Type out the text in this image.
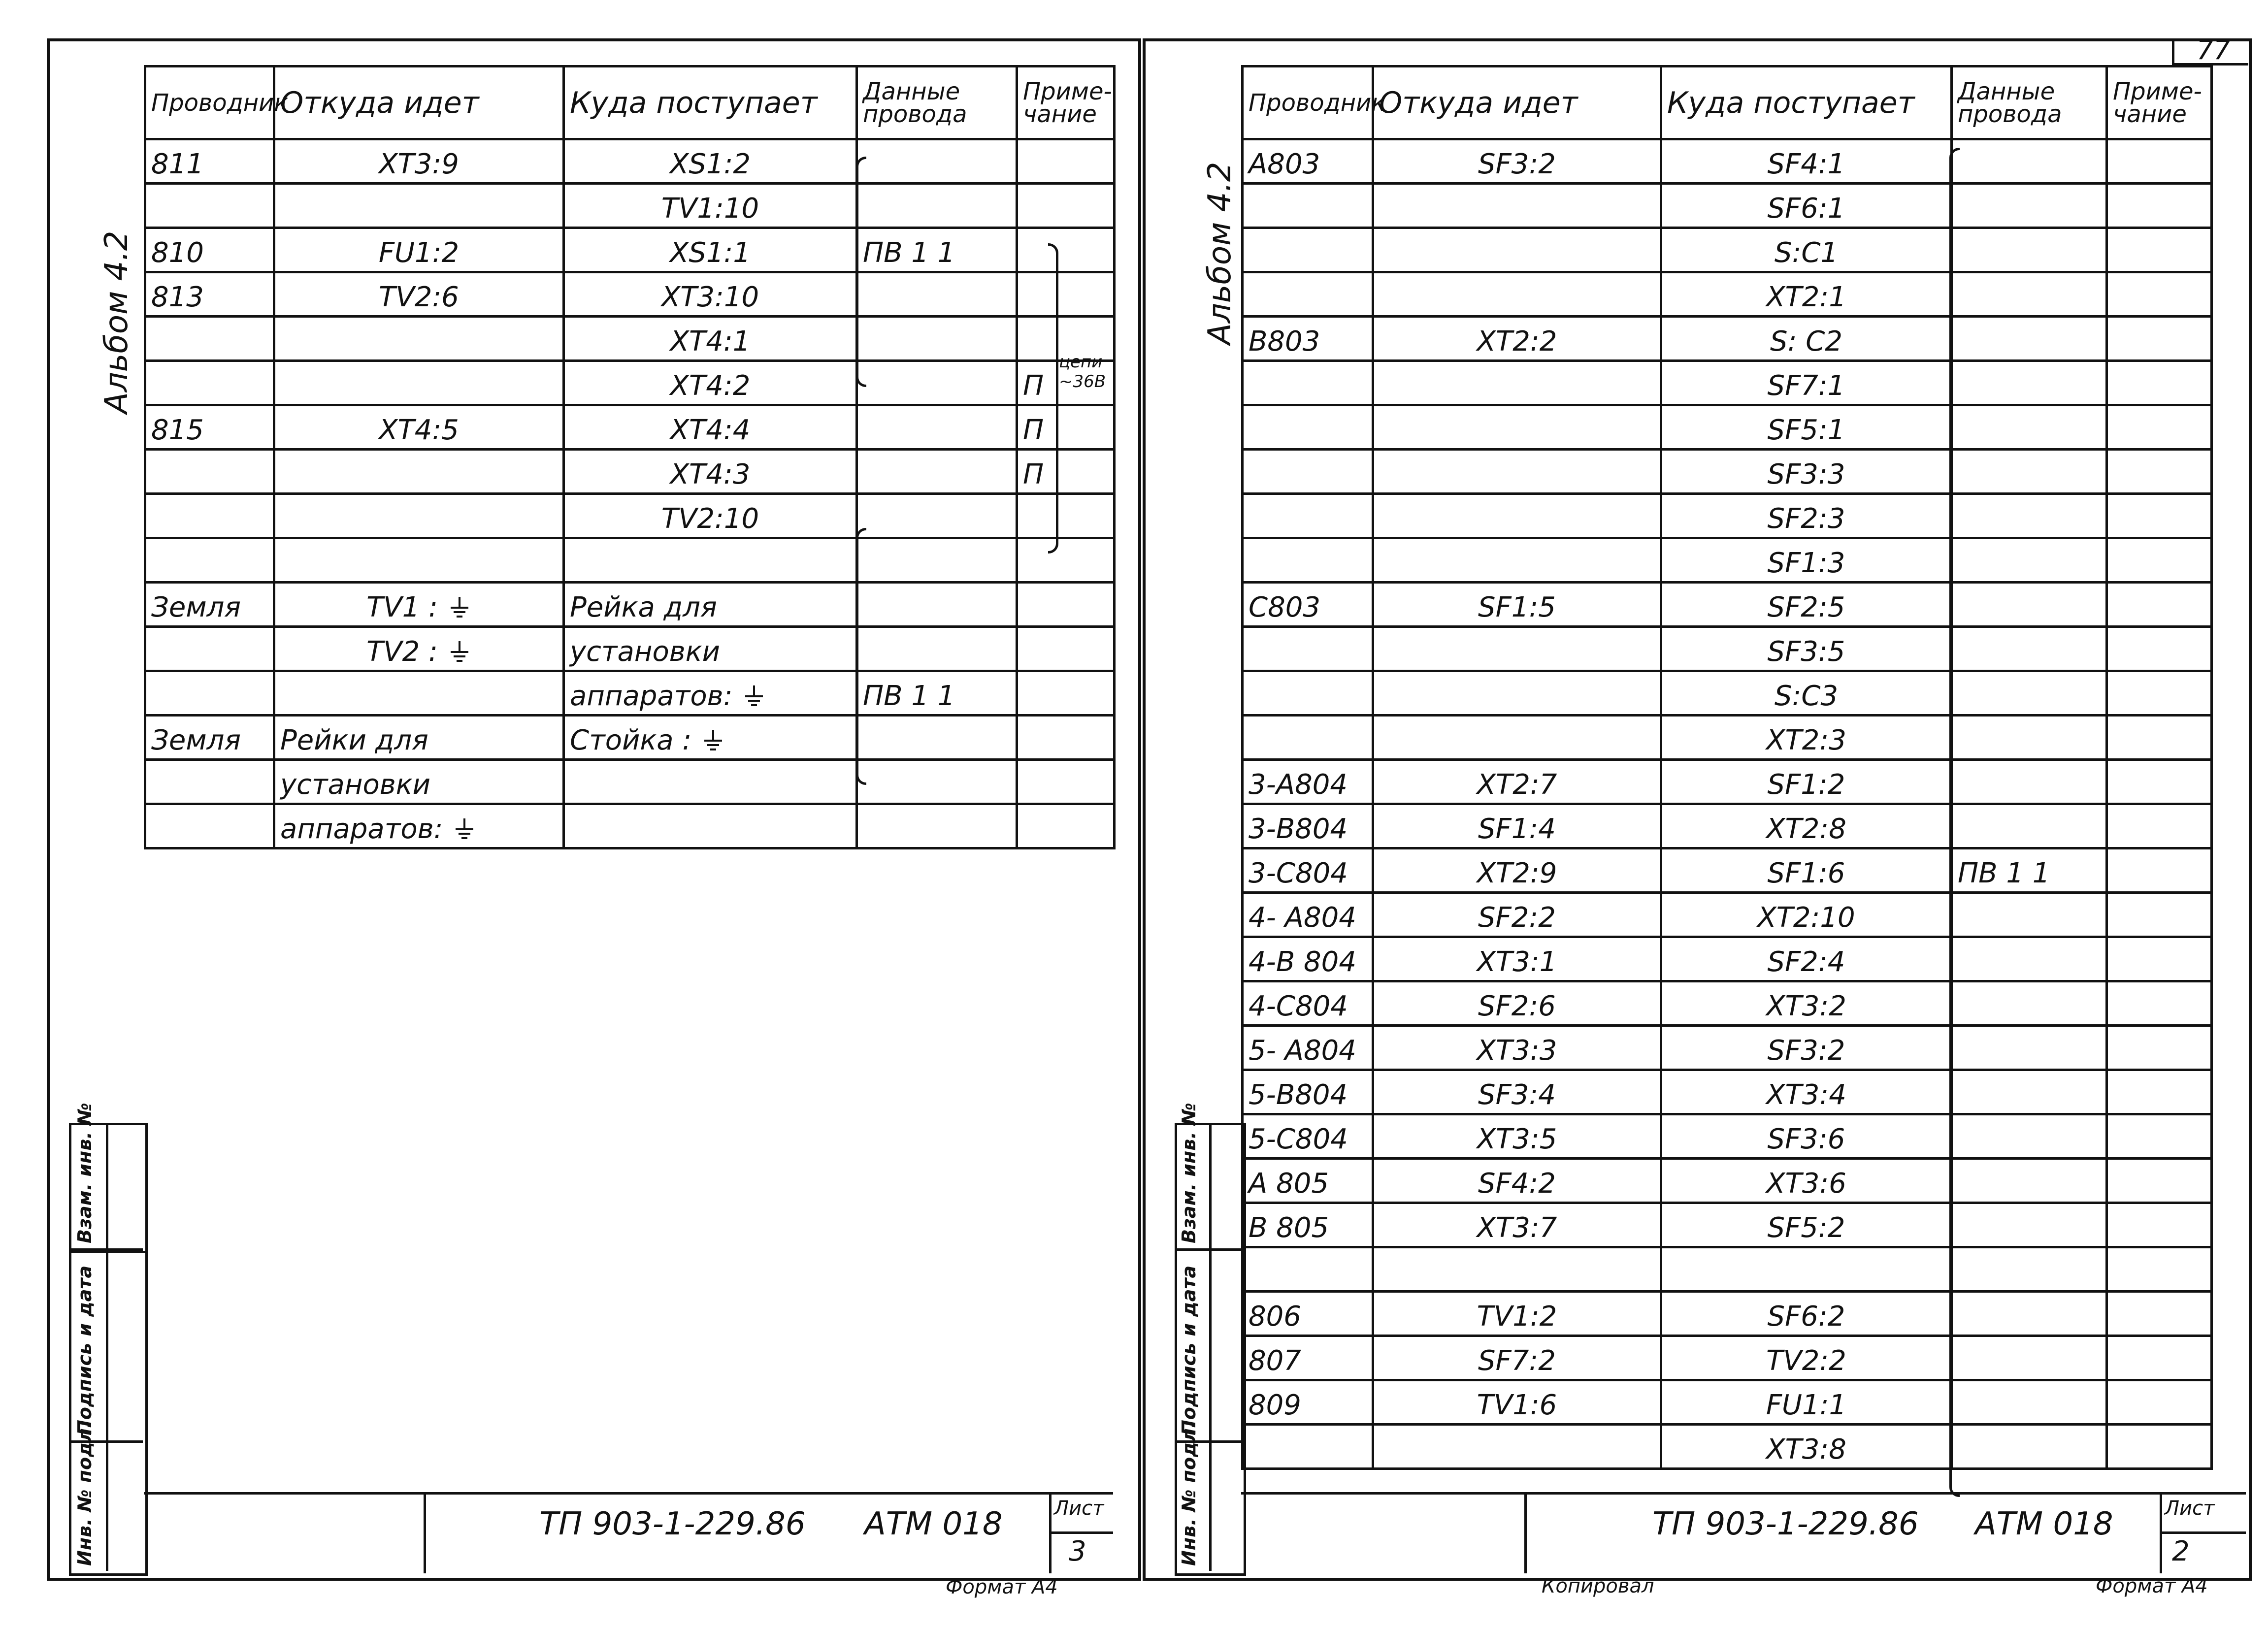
Альбом 4.2
Проводник	Откуда идет	Куда поступает	Данные провода	Приме- чание
811	XT3:9	XS1:2		
		TV1:10		
810	FU1:2	XS1:1	ПВ 1 1	
813	TV2:6	XT3:10		
		XT4:1		
		XT4:2		П
815	XT4:5	XT4:4		П
		XT4:3		П
		TV2:10		

Земля	TV1 :	Рейка для		
	TV2 :	установки		
		аппаратов:	ПВ 1 1	
Земля	Рейки для	Стойка :		
	установки			
	аппаратов:			
цепи ~36В
Инв. № подл.
Подпись и дата
Взам. инв. №
ТП 903-1-229.86 АТМ 018	Лист
3
Формат А4
77
Альбом 4.2
Проводник	Откуда идет	Куда поступает	Данные провода	Приме- чание
A803	SF3:2	SF4:1		
		SF6:1		
		S:C1		
		XT2:1		
B803	XT2:2	S: C2		
		SF7:1		
		SF5:1		
		SF3:3		
		SF2:3		
		SF1:3		
C803	SF1:5	SF2:5		
		SF3:5		
		S:C3		
		XT2:3		
3-A804	XT2:7	SF1:2		
3-B804	SF1:4	XT2:8		
3-C804	XT2:9	SF1:6	ПВ 1 1	
4- A804	SF2:2	XT2:10		
4-B 804	XT3:1	SF2:4		
4-C804	SF2:6	XT3:2		
5- A804	XT3:3	SF3:2		
5-B804	SF3:4	XT3:4		
5-C804	XT3:5	SF3:6		
A 805	SF4:2	XT3:6		
B 805	XT3:7	SF5:2		

806	TV1:2	SF6:2		
807	SF7:2	TV2:2		
809	TV1:6	FU1:1		
		XT3:8		
Инв. № подл.
Подпись и дата
Взам. инв. №
ТП 903-1-229.86 АТМ 018	Лист
2
Копировал	Формат А4
